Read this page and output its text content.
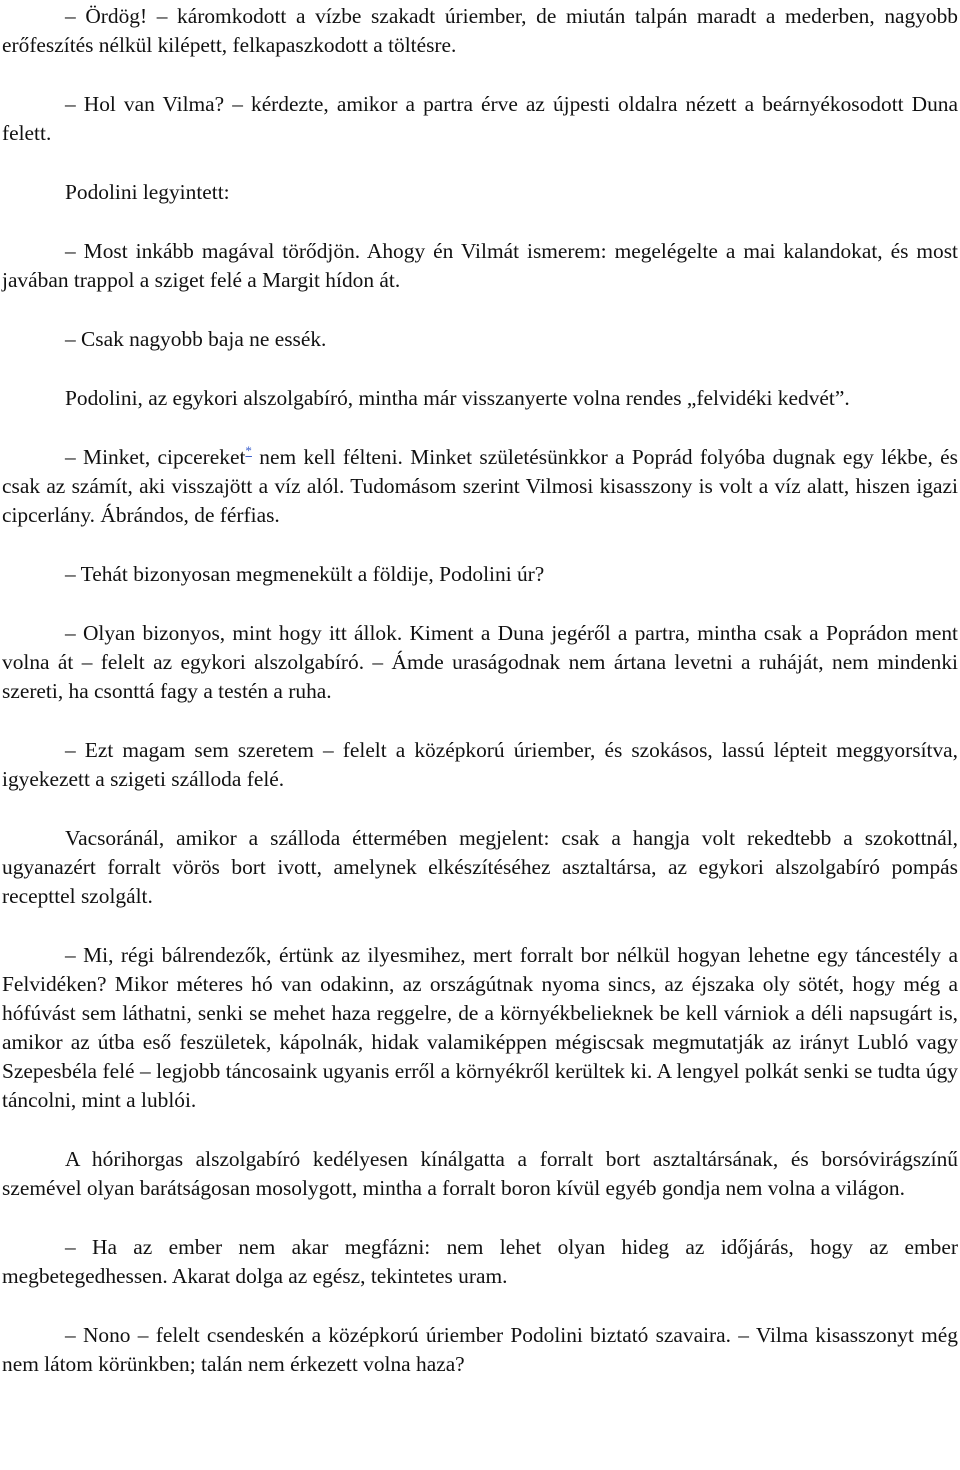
– Ördög! – káromkodott a vízbe szakadt úriember, de miután talpán maradt a mederben, nagyobb erőfeszítés nélkül kilépett, felkapaszkodott a töltésre.

– Hol van Vilma? – kérdezte, amikor a partra érve az újpesti oldalra nézett a beárnyékosodott Duna felett.

Podolini legyintett:

– Most inkább magával törődjön. Ahogy én Vilmát ismerem: megelégelte a mai kalandokat, és most javában trappol a sziget felé a Margit hídon át.

– Csak nagyobb baja ne essék.

Podolini, az egykori alszolgabíró, mintha már visszanyerte volna rendes „felvidéki kedvét”.

– Minket, cipcereket* nem kell félteni. Minket születésünkkor a Poprád folyóba dugnak egy lékbe, és csak az számít, aki visszajött a víz alól. Tudomásom szerint Vilmosi kisasszony is volt a víz alatt, hiszen igazi cipcerlány. Ábrándos, de férfias.

– Tehát bizonyosan megmenekült a földije, Podolini úr?

– Olyan bizonyos, mint hogy itt állok. Kiment a Duna jegéről a partra, mintha csak a Poprádon ment volna át – felelt az egykori alszolgabíró. – Ámde uraságodnak nem ártana levetni a ruháját, nem mindenki szereti, ha csonttá fagy a testén a ruha.

– Ezt magam sem szeretem – felelt a középkorú úriember, és szokásos, lassú lépteit meggyorsítva, igyekezett a szigeti szálloda felé.

Vacsoránál, amikor a szálloda éttermében megjelent: csak a hangja volt rekedtebb a szokottnál, ugyanazért forralt vörös bort ivott, amelynek elkészítéséhez asztaltársa, az egykori alszolgabíró pompás recepttel szolgált.

– Mi, régi bálrendezők, értünk az ilyesmihez, mert forralt bor nélkül hogyan lehetne egy táncestély a Felvidéken? Mikor méteres hó van odakinn, az országútnak nyoma sincs, az éjszaka oly sötét, hogy még a hófúvást sem láthatni, senki se mehet haza reggelre, de a környékbelieknek be kell várniok a déli napsugárt is, amikor az útba eső feszületek, kápolnák, hidak valamiképpen mégiscsak megmutatják az irányt Lubló vagy Szepesbéla felé – legjobb táncosaink ugyanis erről a környékről kerültek ki. A lengyel polkát senki se tudta úgy táncolni, mint a lublói.

A hórihorgas alszolgabíró kedélyesen kínálgatta a forralt bort asztaltársának, és borsóvirágszínű szemével olyan barátságosan mosolygott, mintha a forralt boron kívül egyéb gondja nem volna a világon.

– Ha az ember nem akar megfázni: nem lehet olyan hideg az időjárás, hogy az ember megbetegedhessen. Akarat dolga az egész, tekintetes uram.

– Nono – felelt csendeskén a középkorú úriember Podolini biztató szavaira. – Vilma kisasszonyt még nem látom körünkben; talán nem érkezett volna haza?
